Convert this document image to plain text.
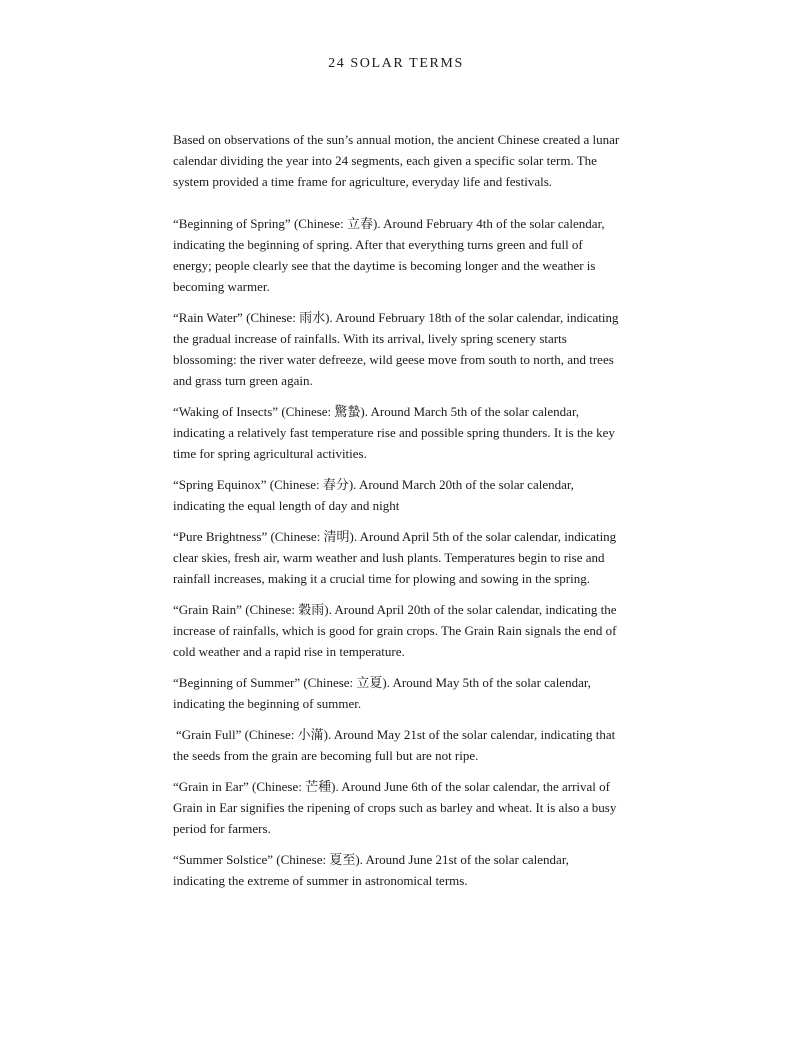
24 SOLAR TERMS

Based on observations of the sun’s annual motion, the ancient Chinese created a lunar calendar dividing the year into 24 segments, each given a specific solar term. The system provided a time frame for agriculture, everyday life and festivals.

“Beginning of Spring” (Chinese: 立春). Around February 4th of the solar calendar, indicating the beginning of spring. After that everything turns green and full of energy; people clearly see that the daytime is becoming longer and the weather is becoming warmer.

“Rain Water” (Chinese: 雨水). Around February 18th of the solar calendar, indicating the gradual increase of rainfalls. With its arrival, lively spring scenery starts blossoming: the river water defreeze, wild geese move from south to north, and trees and grass turn green again.

“Waking of Insects” (Chinese: 驚蟄). Around March 5th of the solar calendar, indicating a relatively fast temperature rise and possible spring thunders. It is the key time for spring agricultural activities.

“Spring Equinox” (Chinese: 春分). Around March 20th of the solar calendar, indicating the equal length of day and night

“Pure Brightness” (Chinese: 清明). Around April 5th of the solar calendar, indicating clear skies, fresh air, warm weather and lush plants. Temperatures begin to rise and rainfall increases, making it a crucial time for plowing and sowing in the spring.

“Grain Rain” (Chinese: 穀雨). Around April 20th of the solar calendar, indicating the increase of rainfalls, which is good for grain crops. The Grain Rain signals the end of cold weather and a rapid rise in temperature.

“Beginning of Summer” (Chinese: 立夏). Around May 5th of the solar calendar, indicating the beginning of summer.

“Grain Full” (Chinese: 小滿). Around May 21st of the solar calendar, indicating that the seeds from the grain are becoming full but are not ripe.

“Grain in Ear” (Chinese: 芒種). Around June 6th of the solar calendar, the arrival of Grain in Ear signifies the ripening of crops such as barley and wheat. It is also a busy period for farmers.

“Summer Solstice” (Chinese: 夏至). Around June 21st of the solar calendar, indicating the extreme of summer in astronomical terms.
